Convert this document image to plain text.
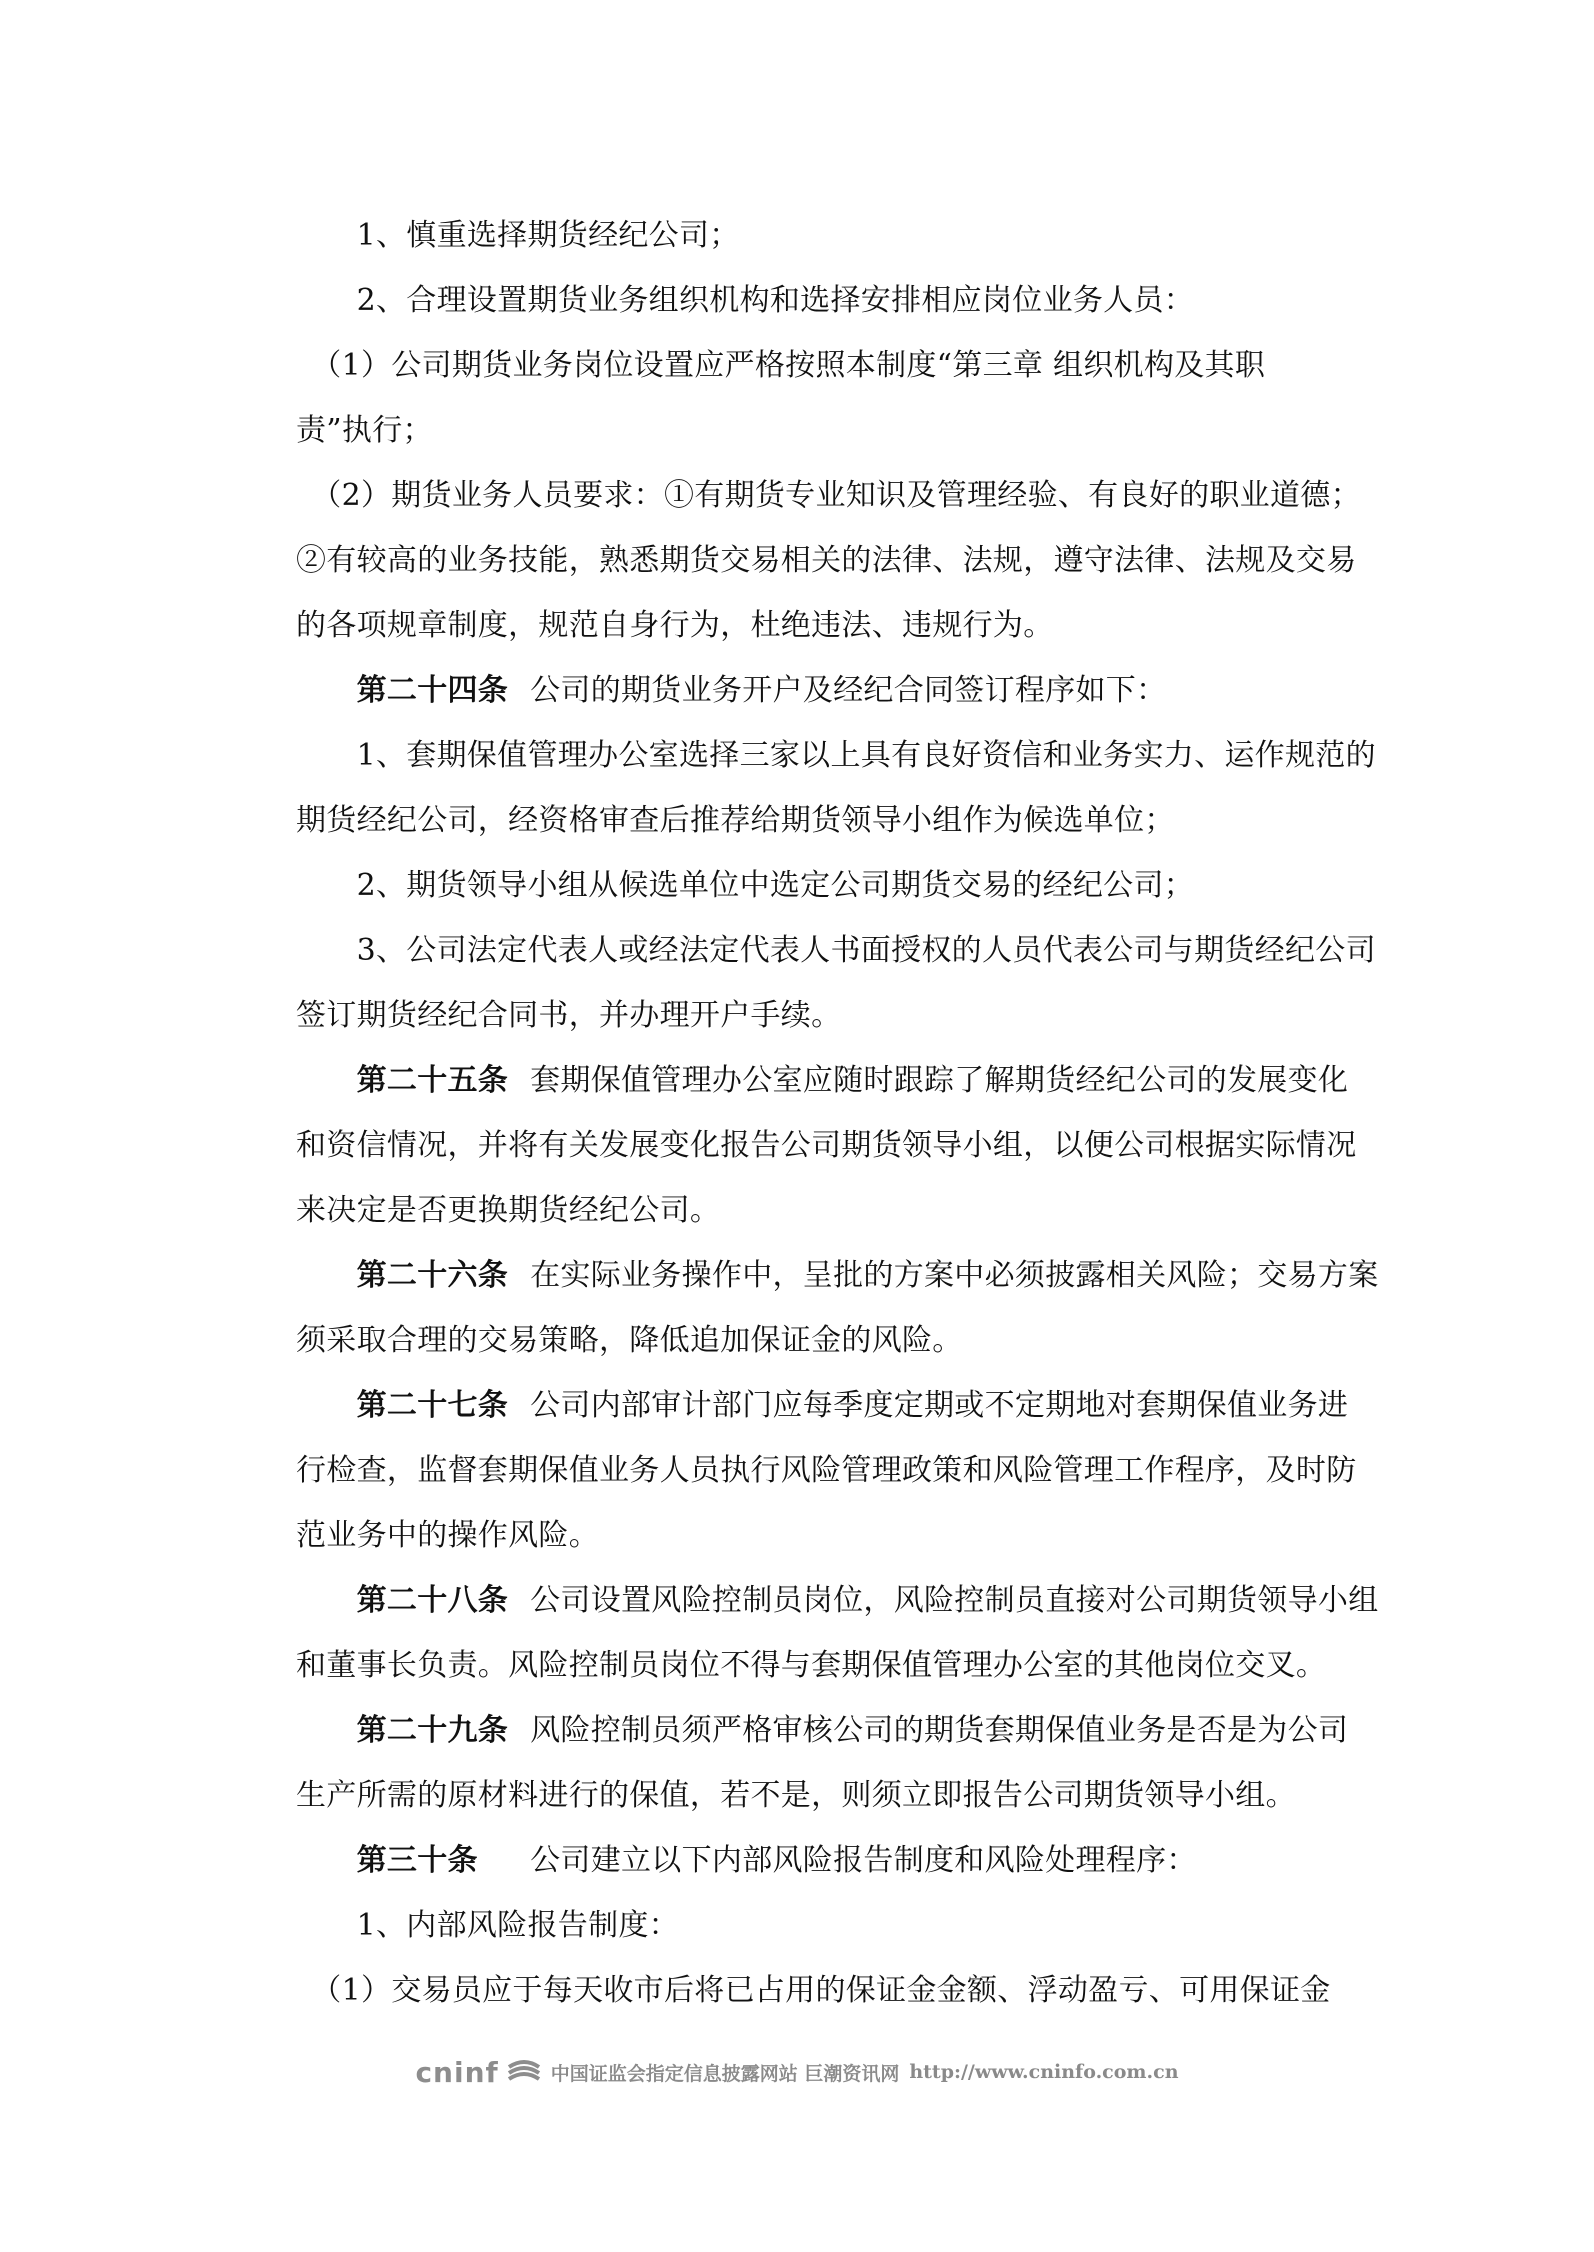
　　1、慎重选择期货经纪公司；
　　2、合理设置期货业务组织机构和选择安排相应岗位业务人员：
　（1）公司期货业务岗位设置应严格按照本制度“第三章 组织机构及其职
责”执行；
　（2）期货业务人员要求：①有期货专业知识及管理经验、有良好的职业道德；
②有较高的业务技能，熟悉期货交易相关的法律、法规，遵守法律、法规及交易
的各项规章制度，规范自身行为，杜绝违法、违规行为。
　　第二十四条 公司的期货业务开户及经纪合同签订程序如下：
　　1、套期保值管理办公室选择三家以上具有良好资信和业务实力、运作规范的
期货经纪公司，经资格审查后推荐给期货领导小组作为候选单位；
　　2、期货领导小组从候选单位中选定公司期货交易的经纪公司；
　　3、公司法定代表人或经法定代表人书面授权的人员代表公司与期货经纪公司
签订期货经纪合同书，并办理开户手续。
　　第二十五条 套期保值管理办公室应随时跟踪了解期货经纪公司的发展变化
和资信情况，并将有关发展变化报告公司期货领导小组，以便公司根据实际情况
来决定是否更换期货经纪公司。
　　第二十六条 在实际业务操作中，呈批的方案中必须披露相关风险；交易方案
须采取合理的交易策略，降低追加保证金的风险。
　　第二十七条 公司内部审计部门应每季度定期或不定期地对套期保值业务进
行检查，监督套期保值业务人员执行风险管理政策和风险管理工作程序，及时防
范业务中的操作风险。
　　第二十八条 公司设置风险控制员岗位，风险控制员直接对公司期货领导小组
和董事长负责。风险控制员岗位不得与套期保值管理办公室的其他岗位交叉。
　　第二十九条 风险控制员须严格审核公司的期货套期保值业务是否是为公司
生产所需的原材料进行的保值，若不是，则须立即报告公司期货领导小组。
　　第三十条　公司建立以下内部风险报告制度和风险处理程序：
　　1、内部风险报告制度：
　（1）交易员应于每天收市后将已占用的保证金金额、浮动盈亏、可用保证金
cninf	中国证监会指定信息披露网站 巨潮资讯网 http://www.cninfo.com.cn
